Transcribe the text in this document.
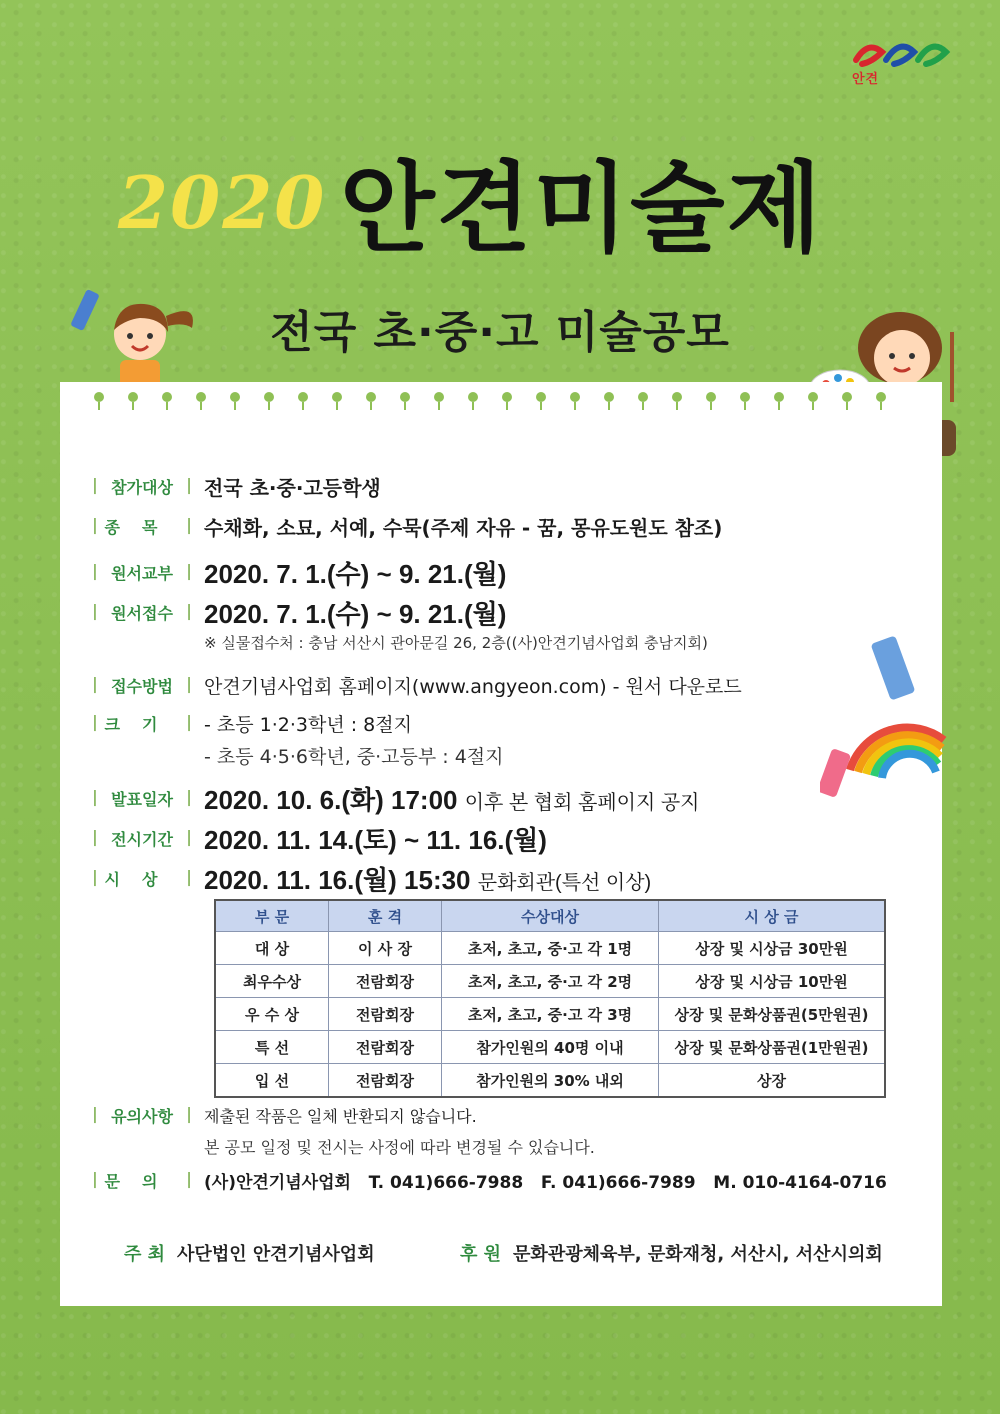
안견
2020 안견미술제
전국 초·중·고 미술공모
| 참가대상 | 전국 초·중·고등학생
| 종목 | 수채화, 소묘, 서예, 수묵(주제 자유 - 꿈, 몽유도원도 참조)
| 원서교부 | 2020. 7. 1.(수) ~ 9. 21.(월)
| 원서접수 | 2020. 7. 1.(수) ~ 9. 21.(월)
※ 실물접수처 : 충남 서산시 관아문길 26, 2층((사)안견기념사업회 충남지회)
| 접수방법 | 안견기념사업회 홈페이지(www.angyeon.com) - 원서 다운로드
| 크기 | - 초등 1·2·3학년 : 8절지
- 초등 4·5·6학년, 중·고등부 : 4절지
| 발표일자 | 2020. 10. 6.(화) 17:00 이후 본 협회 홈페이지 공지
| 전시기간 | 2020. 11. 14.(토) ~ 11. 16.(월)
| 시상 | 2020. 11. 16.(월) 15:30 문화회관(특선 이상)
부 문	훈 격	수상대상	시 상 금
대 상	이 사 장	초저, 초고, 중·고 각 1명	상장 및 시상금 30만원
최우수상	전람회장	초저, 초고, 중·고 각 2명	상장 및 시상금 10만원
우 수 상	전람회장	초저, 초고, 중·고 각 3명	상장 및 문화상품권(5만원권)
특 선	전람회장	참가인원의 40명 이내	상장 및 문화상품권(1만원권)
입 선	전람회장	참가인원의 30% 내외	상장
| 유의사항 | 제출된 작품은 일체 반환되지 않습니다.
본 공모 일정 및 전시는 사정에 따라 변경될 수 있습니다.
| 문의 | (사)안견기념사업회   T. 041)666-7988   F. 041)666-7989   M. 010-4164-0716
주 최 사단법인 안견기념사업회	후 원 문화관광체육부, 문화재청, 서산시, 서산시의회
